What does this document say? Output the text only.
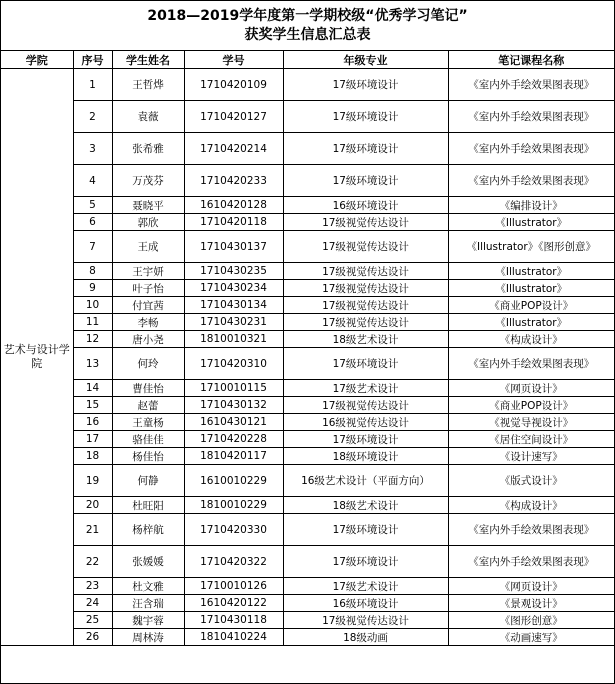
2018—2019学年度第一学期校级“优秀学习笔记”
获奖学生信息汇总表
学院	序号	学生姓名	学号	年级专业	笔记课程名称
艺术与设计学院	1	王哲烨	1710420109	17级环境设计	《室内外手绘效果图表现》
	2	袁薇	1710420127	17级环境设计	《室内外手绘效果图表现》
	3	张希雅	1710420214	17级环境设计	《室内外手绘效果图表现》
	4	万茂芬	1710420233	17级环境设计	《室内外手绘效果图表现》
	5	聂晓平	1610420128	16级环境设计	《编排设计》
	6	郭欣	1710420118	17级视觉传达设计	《Illustrator》
	7	王成	1710430137	17级视觉传达设计	《Illustrator》《图形创意》
	8	王宇妍	1710430235	17级视觉传达设计	《Illustrator》
	9	叶子怡	1710430234	17级视觉传达设计	《Illustrator》
	10	付宜茜	1710430134	17级视觉传达设计	《商业POP设计》
	11	李畅	1710430231	17级视觉传达设计	《Illustrator》
	12	唐小尧	1810010321	18级艺术设计	《构成设计》
	13	何玲	1710420310	17级环境设计	《室内外手绘效果图表现》
	14	曹佳怡	1710010115	17级艺术设计	《网页设计》
	15	赵蕾	1710430132	17级视觉传达设计	《商业POP设计》
	16	王童杨	1610430121	16级视觉传达设计	《视觉导视设计》
	17	骆佳佳	1710420228	17级环境设计	《居住空间设计》
	18	杨佳怡	1810420117	18级环境设计	《设计速写》
	19	何静	1610010229	16级艺术设计（平面方向）	《版式设计》
	20	杜旺阳	1810010229	18级艺术设计	《构成设计》
	21	杨梓航	1710420330	17级环境设计	《室内外手绘效果图表现》
	22	张媛媛	1710420322	17级环境设计	《室内外手绘效果图表现》
	23	杜文雅	1710010126	17级艺术设计	《网页设计》
	24	汪含瑞	1610420122	16级环境设计	《景观设计》
	25	魏宇蓉	1710430118	17级视觉传达设计	《图形创意》
	26	周林涛	1810410224	18级动画	《动画速写》
